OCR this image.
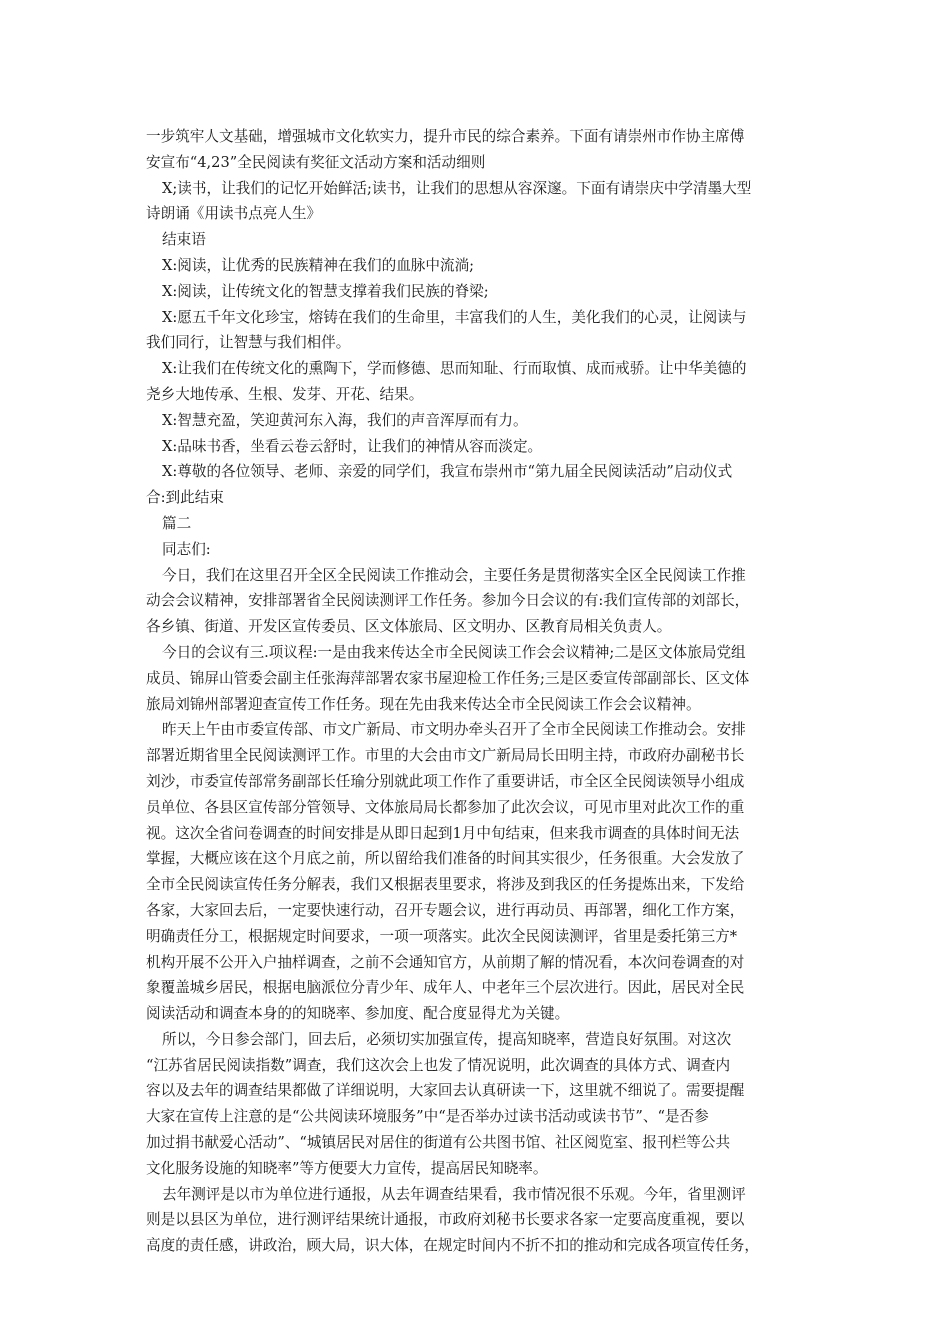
一步筑牢人文基础，增强城市文化软实力，提升市民的综合素养。下面有请崇州市作协主席傅
安宣布“4,23”全民阅读有奖征文活动方案和活动细则
X;读书，让我们的记忆开始鲜活;读书，让我们的思想从容深邃。下面有请崇庆中学清墨大型
诗朗诵《用读书点亮人生》
结束语
X:阅读，让优秀的民族精神在我们的血脉中流淌;
X:阅读，让传统文化的智慧支撑着我们民族的脊梁;
X:愿五千年文化珍宝，熔铸在我们的生命里，丰富我们的人生，美化我们的心灵，让阅读与
我们同行，让智慧与我们相伴。
X:让我们在传统文化的熏陶下，学而修德、思而知耻、行而取慎、成而戒骄。让中华美德的
尧乡大地传承、生根、发芽、开花、结果。
X:智慧充盈，笑迎黄河东入海，我们的声音浑厚而有力。
X:品味书香，坐看云卷云舒时，让我们的神情从容而淡定。
X:尊敬的各位领导、老师、亲爱的同学们，我宣布崇州市“第九届全民阅读活动”启动仪式
合:到此结束
篇二
同志们:
今日，我们在这里召开全区全民阅读工作推动会，主要任务是贯彻落实全区全民阅读工作推
动会会议精神，安排部署省全民阅读测评工作任务。参加今日会议的有:我们宣传部的刘部长，
各乡镇、街道、开发区宣传委员、区文体旅局、区文明办、区教育局相关负责人。
今日的会议有三.项议程:一是由我来传达全市全民阅读工作会会议精神;二是区文体旅局党组
成员、锦屏山管委会副主任张海萍部署农家书屋迎检工作任务;三是区委宣传部副部长、区文体
旅局刘锦州部署迎查宣传工作任务。现在先由我来传达全市全民阅读工作会会议精神。
昨天上午由市委宣传部、市文广新局、市文明办牵头召开了全市全民阅读工作推动会。安排
部署近期省里全民阅读测评工作。市里的大会由市文广新局局长田明主持，市政府办副秘书长
刘沙，市委宣传部常务副部长任瑜分别就此项工作作了重要讲话，市全区全民阅读领导小组成
员单位、各县区宣传部分管领导、文体旅局局长都参加了此次会议，可见市里对此次工作的重
视。这次全省问卷调查的时间安排是从即日起到1月中旬结束，但来我市调查的具体时间无法
掌握，大概应该在这个月底之前，所以留给我们准备的时间其实很少，任务很重。大会发放了
全市全民阅读宣传任务分解表，我们又根据表里要求，将涉及到我区的任务提炼出来，下发给
各家，大家回去后，一定要快速行动，召开专题会议，进行再动员、再部署，细化工作方案，
明确责任分工，根据规定时间要求，一项一项落实。此次全民阅读测评，省里是委托第三方*
机构开展不公开入户抽样调查，之前不会通知官方，从前期了解的情况看，本次问卷调查的对
象覆盖城乡居民，根据电脑派位分青少年、成年人、中老年三个层次进行。因此，居民对全民
阅读活动和调查本身的的知晓率、参加度、配合度显得尤为关键。
所以，今日参会部门，回去后，必须切实加强宣传，提高知晓率，营造良好氛围。对这次
“江苏省居民阅读指数”调查，我们这次会上也发了情况说明，此次调查的具体方式、调查内
容以及去年的调查结果都做了详细说明，大家回去认真研读一下，这里就不细说了。需要提醒
大家在宣传上注意的是“公共阅读环境服务”中“是否举办过读书活动或读书节”、“是否参
加过捐书献爱心活动”、“城镇居民对居住的街道有公共图书馆、社区阅览室、报刊栏等公共
文化服务设施的知晓率”等方便要大力宣传，提高居民知晓率。
去年测评是以市为单位进行通报，从去年调查结果看，我市情况很不乐观。今年，省里测评
则是以县区为单位，进行测评结果统计通报，市政府刘秘书长要求各家一定要高度重视，要以
高度的责任感，讲政治，顾大局，识大体，在规定时间内不折不扣的推动和完成各项宣传任务，
